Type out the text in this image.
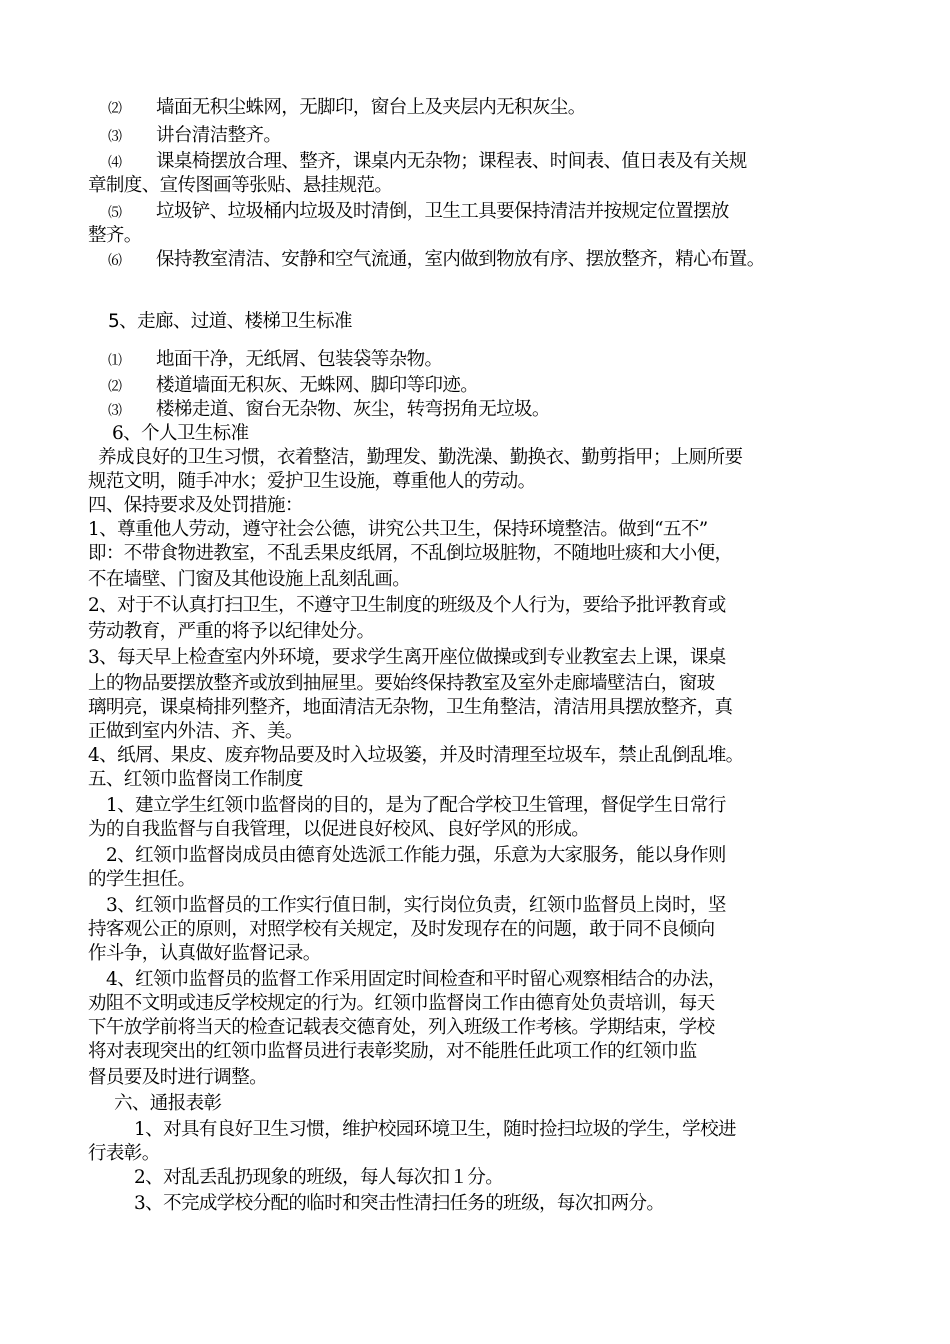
⑵ 墙面无积尘蛛网，无脚印，窗台上及夹层内无积灰尘。
⑶ 讲台清洁整齐。
⑷ 课桌椅摆放合理、整齐，课桌内无杂物；课程表、时间表、值日表及有关规
章制度、宣传图画等张贴、悬挂规范。
⑸ 垃圾铲、垃圾桶内垃圾及时清倒，卫生工具要保持清洁并按规定位置摆放
整齐。
⑹ 保持教室清洁、安静和空气流通，室内做到物放有序、摆放整齐，精心布置。
5、走廊、过道、楼梯卫生标准
⑴ 地面干净，无纸屑、包装袋等杂物。
⑵ 楼道墙面无积灰、无蛛网、脚印等印迹。
⑶ 楼梯走道、窗台无杂物、灰尘，转弯拐角无垃圾。
6、个人卫生标准
养成良好的卫生习惯，衣着整洁，勤理发、勤洗澡、勤换衣、勤剪指甲；上厕所要
规范文明，随手冲水；爱护卫生设施，尊重他人的劳动。
四、保持要求及处罚措施：
1、尊重他人劳动，遵守社会公德，讲究公共卫生，保持环境整洁。做到“五不”
即：不带食物进教室，不乱丢果皮纸屑，不乱倒垃圾脏物，不随地吐痰和大小便，
不在墙壁、门窗及其他设施上乱刻乱画。
2、对于不认真打扫卫生，不遵守卫生制度的班级及个人行为，要给予批评教育或
劳动教育，严重的将予以纪律处分。
3、每天早上检查室内外环境，要求学生离开座位做操或到专业教室去上课，课桌
上的物品要摆放整齐或放到抽屉里。要始终保持教室及室外走廊墙壁洁白，窗玻
璃明亮，课桌椅排列整齐，地面清洁无杂物，卫生角整洁，清洁用具摆放整齐，真
正做到室内外洁、齐、美。
4、纸屑、果皮、废弃物品要及时入垃圾篓，并及时清理至垃圾车，禁止乱倒乱堆。
五、红领巾监督岗工作制度
1、建立学生红领巾监督岗的目的，是为了配合学校卫生管理，督促学生日常行
为的自我监督与自我管理，以促进良好校风、良好学风的形成。
2、红领巾监督岗成员由德育处选派工作能力强，乐意为大家服务，能以身作则
的学生担任。
3、红领巾监督员的工作实行值日制，实行岗位负责，红领巾监督员上岗时，坚
持客观公正的原则，对照学校有关规定，及时发现存在的问题，敢于同不良倾向
作斗争，认真做好监督记录。
4、红领巾监督员的监督工作采用固定时间检查和平时留心观察相结合的办法，
劝阻不文明或违反学校规定的行为。红领巾监督岗工作由德育处负责培训，每天
下午放学前将当天的检查记载表交德育处，列入班级工作考核。学期结束，学校
将对表现突出的红领巾监督员进行表彰奖励，对不能胜任此项工作的红领巾监
督员要及时进行调整。
六、通报表彰
1、对具有良好卫生习惯，维护校园环境卫生，随时捡扫垃圾的学生，学校进
行表彰。
2、对乱丢乱扔现象的班级，每人每次扣１分。
3、不完成学校分配的临时和突击性清扫任务的班级，每次扣两分。
